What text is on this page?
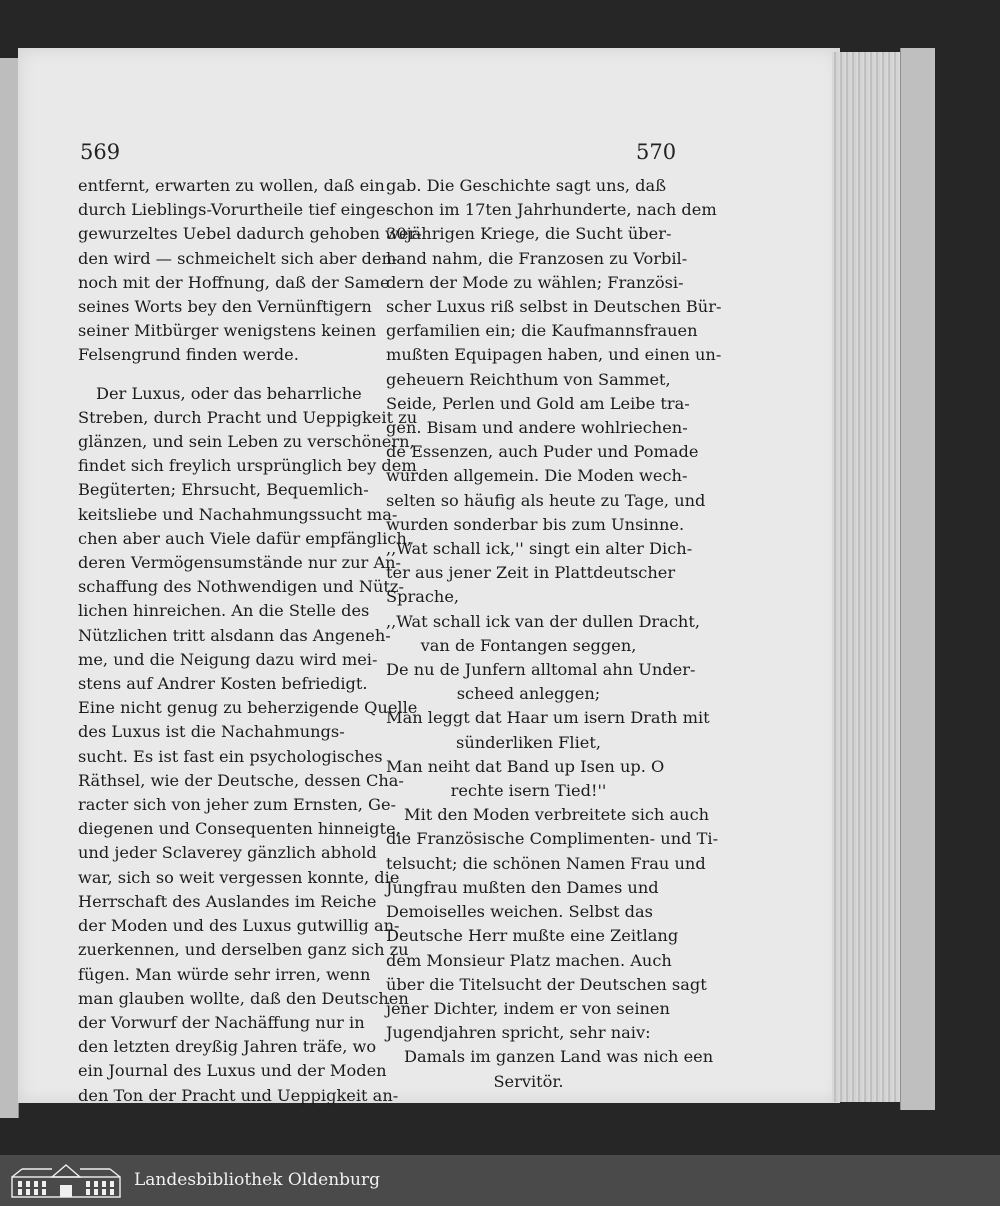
569	570
entfernt, erwarten zu wollen, daß ein
durch Lieblings-Vorurtheile tief einge-
gewurzeltes Uebel dadurch gehoben wer-
den wird — schmeichelt sich aber den-
noch mit der Hoffnung, daß der Same
seines Worts bey den Vernünftigern
seiner Mitbürger wenigstens keinen
Felsengrund finden werde.
Der Luxus, oder das beharrliche
Streben, durch Pracht und Ueppigkeit zu
glänzen, und sein Leben zu verschönern,
findet sich freylich ursprünglich bey dem
Begüterten; Ehrsucht, Bequemlich-
keitsliebe und Nachahmungssucht ma-
chen aber auch Viele dafür empfänglich,
deren Vermögensumstände nur zur An-
schaffung des Nothwendigen und Nütz-
lichen hinreichen. An die Stelle des
Nützlichen tritt alsdann das Angeneh-
me, und die Neigung dazu wird mei-
stens auf Andrer Kosten befriedigt.
Eine nicht genug zu beherzigende Quelle
des Luxus ist die Nachahmungs-
sucht. Es ist fast ein psychologisches
Räthsel, wie der Deutsche, dessen Cha-
racter sich von jeher zum Ernsten, Ge-
diegenen und Consequenten hinneigte,
und jeder Sclaverey gänzlich abhold
war, sich so weit vergessen konnte, die
Herrschaft des Auslandes im Reiche
der Moden und des Luxus gutwillig an-
zuerkennen, und derselben ganz sich zu
fügen. Man würde sehr irren, wenn
man glauben wollte, daß den Deutschen
der Vorwurf der Nachäffung nur in
den letzten dreyßig Jahren träfe, wo
ein Journal des Luxus und der Moden
den Ton der Pracht und Ueppigkeit an-
gab. Die Geschichte sagt uns, daß
schon im 17ten Jahrhunderte, nach dem
30jährigen Kriege, die Sucht über-
hand nahm, die Franzosen zu Vorbil-
dern der Mode zu wählen; Französi-
scher Luxus riß selbst in Deutschen Bür-
gerfamilien ein; die Kaufmannsfrauen
mußten Equipagen haben, und einen un-
geheuern Reichthum von Sammet,
Seide, Perlen und Gold am Leibe tra-
gen. Bisam und andere wohlriechen-
de Essenzen, auch Puder und Pomade
wurden allgemein. Die Moden wech-
selten so häufig als heute zu Tage, und
wurden sonderbar bis zum Unsinne.
,,Wat schall ick,'' singt ein alter Dich-
ter aus jener Zeit in Plattdeutscher
Sprache,
,,Wat schall ick van der dullen Dracht,
van de Fontangen seggen,
De nu de Junfern alltomal ahn Under-
scheed anleggen;
Man leggt dat Haar um isern Drath mit
sünderliken Fliet,
Man neiht dat Band up Isen up. O
rechte isern Tied!''
Mit den Moden verbreitete sich auch
die Französische Complimenten- und Ti-
telsucht; die schönen Namen Frau und
Jungfrau mußten den Dames und
Demoiselles weichen. Selbst das
Deutsche Herr mußte eine Zeitlang
dem Monsieur Platz machen. Auch
über die Titelsucht der Deutschen sagt
jener Dichter, indem er von seinen
Jugendjahren spricht, sehr naiv:
Damals im ganzen Land was nich een
Servitör.
Landesbibliothek Oldenburg
